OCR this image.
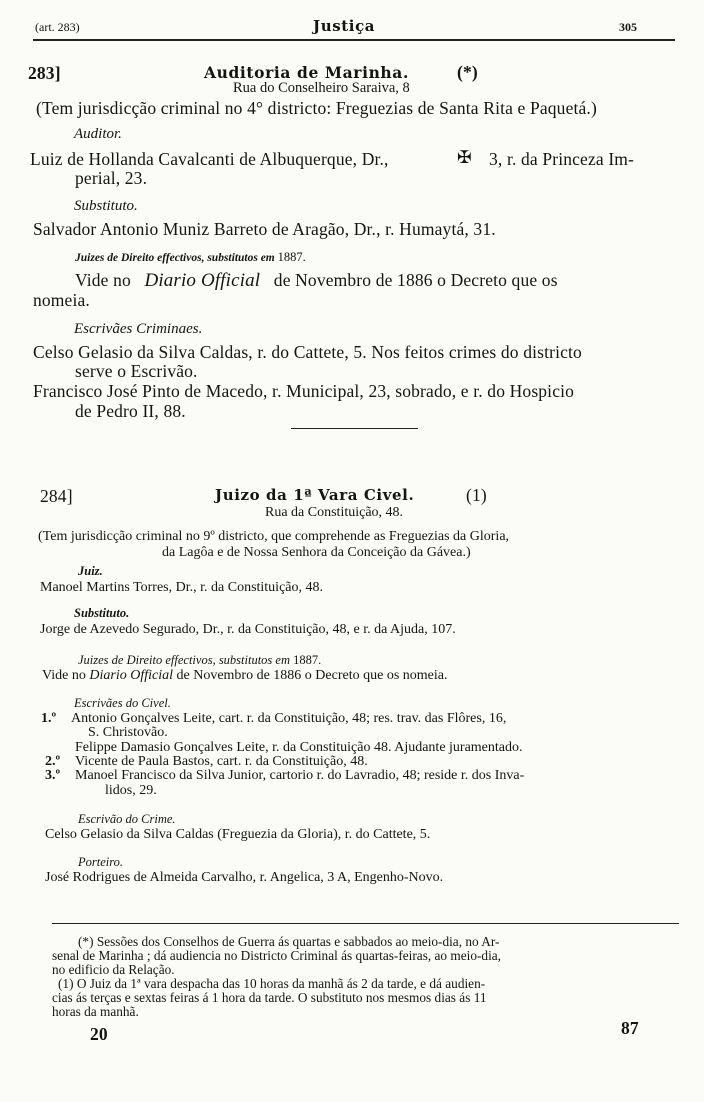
(art. 283)	Justiça	305
283]	Auditoria de Marinha.	(*)
Rua do Conselheiro Saraiva, 8
(Tem jurisdicção criminal no 4° districto: Freguezias de Santa Rita e Paquetá.)
Auditor.
Luiz de Hollanda Cavalcanti de Albuquerque, Dr.,	✠ 3, r. da Princeza Im-
perial, 23.
Substituto.
Salvador Antonio Muniz Barreto de Aragão, Dr., r. Humaytá, 31.
Juizes de Direito effectivos, substitutos em 1887.
Vide no Diario Official de Novembro de 1886 o Decreto que os
nomeia.
Escrivães Criminaes.
Celso Gelasio da Silva Caldas, r. do Cattete, 5. Nos feitos crimes do districto
serve o Escrivão.
Francisco José Pinto de Macedo, r. Municipal, 23, sobrado, e r. do Hospicio
de Pedro II, 88.
284]	Juizo da 1ª Vara Civel.	(1)
Rua da Constituição, 48.
(Tem jurisdicção criminal no 9º districto, que comprehende as Freguezias da Gloria,
da Lagôa e de Nossa Senhora da Conceição da Gávea.)
Juiz.
Manoel Martins Torres, Dr., r. da Constituição, 48.
Substituto.
Jorge de Azevedo Segurado, Dr., r. da Constituição, 48, e r. da Ajuda, 107.
Juizes de Direito effectivos, substitutos em 1887.
Vide no Diario Official de Novembro de 1886 o Decreto que os nomeia.
Escrivães do Civel.
1.º Antonio Gonçalves Leite, cart. r. da Constituição, 48; res. trav. das Flôres, 16,
S. Christovão.
Felippe Damasio Gonçalves Leite, r. da Constituição 48. Ajudante juramentado.
2.º Vicente de Paula Bastos, cart. r. da Constituição, 48.
3.º Manoel Francisco da Silva Junior, cartorio r. do Lavradio, 48; reside r. dos Inva-
lidos, 29.
Escrivão do Crime.
Celso Gelasio da Silva Caldas (Freguezia da Gloria), r. do Cattete, 5.
Porteiro.
José Rodrigues de Almeida Carvalho, r. Angelica, 3 A, Engenho-Novo.
(*) Sessões dos Conselhos de Guerra ás quartas e sabbados ao meio-dia, no Ar-
senal de Marinha ; dá audiencia no Districto Criminal ás quartas-feiras, ao meio-dia,
no edificio da Relação.
(1) O Juiz da 1ª vara despacha das 10 horas da manhã ás 2 da tarde, e dá audien-
cias ás terças e sextas feiras á 1 hora da tarde. O substituto nos mesmos dias ás 11
horas da manhã.
20	87
